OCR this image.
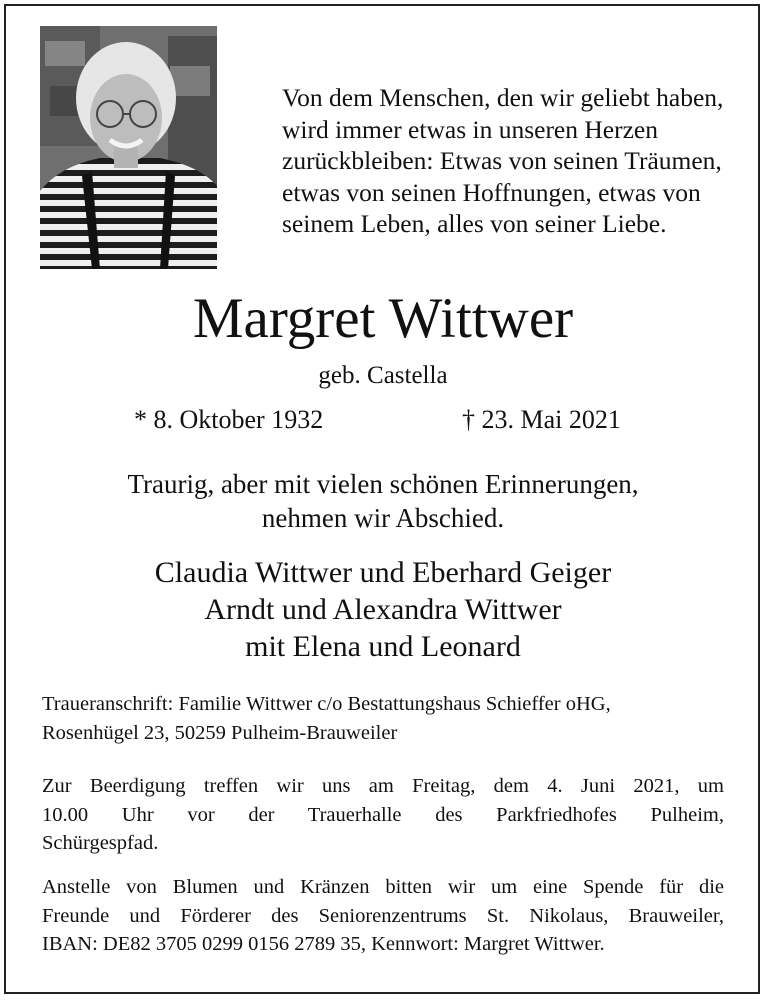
Von dem Menschen, den wir geliebt haben,
wird immer etwas in unseren Herzen
zurückbleiben: Etwas von seinen Träumen,
etwas von seinen Hoffnungen, etwas von
seinem Leben, alles von seiner Liebe.
Margret Wittwer
geb. Castella
* 8. Oktober 1932	† 23. Mai 2021
Traurig, aber mit vielen schönen Erinnerungen,
nehmen wir Abschied.
Claudia Wittwer und Eberhard Geiger
Arndt und Alexandra Wittwer
mit Elena und Leonard
Traueranschrift: Familie Wittwer c/o Bestattungshaus Schieffer oHG,
Rosenhügel 23, 50259 Pulheim-Brauweiler
Zur Beerdigung treffen wir uns am Freitag, dem 4. Juni 2021, um
10.00 Uhr vor der Trauerhalle des Parkfriedhofes Pulheim,
Schürgespfad.
Anstelle von Blumen und Kränzen bitten wir um eine Spende für die
Freunde und Förderer des Seniorenzentrums St. Nikolaus, Brauweiler,
IBAN: DE82 3705 0299 0156 2789 35, Kennwort: Margret Wittwer.
